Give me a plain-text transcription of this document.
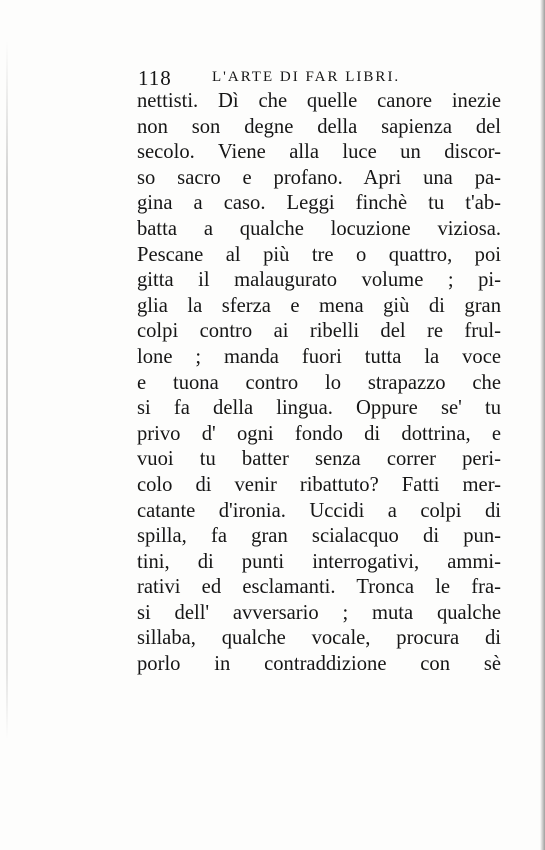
118	L'ARTE DI FAR LIBRI.
nettisti. Dì che quelle canore inezie
non son degne della sapienza del
secolo. Viene alla luce un discor-
so sacro e profano. Apri una pa-
gina a caso. Leggi finchè tu t'ab-
batta a qualche locuzione viziosa.
Pescane al più tre o quattro, poi
gitta il malaugurato volume ; pi-
glia la sferza e mena giù di gran
colpi contro ai ribelli del re frul-
lone ; manda fuori tutta la voce
e tuona contro lo strapazzo che
si fa della lingua. Oppure se' tu
privo d' ogni fondo di dottrina, e
vuoi tu batter senza correr peri-
colo di venir ribattuto? Fatti mer-
catante d'ironia. Uccidi a colpi di
spilla, fa gran scialacquo di pun-
tini, di punti interrogativi, ammi-
rativi ed esclamanti. Tronca le fra-
si dell' avversario ; muta qualche
sillaba, qualche vocale, procura di
porlo in contraddizione con sè
